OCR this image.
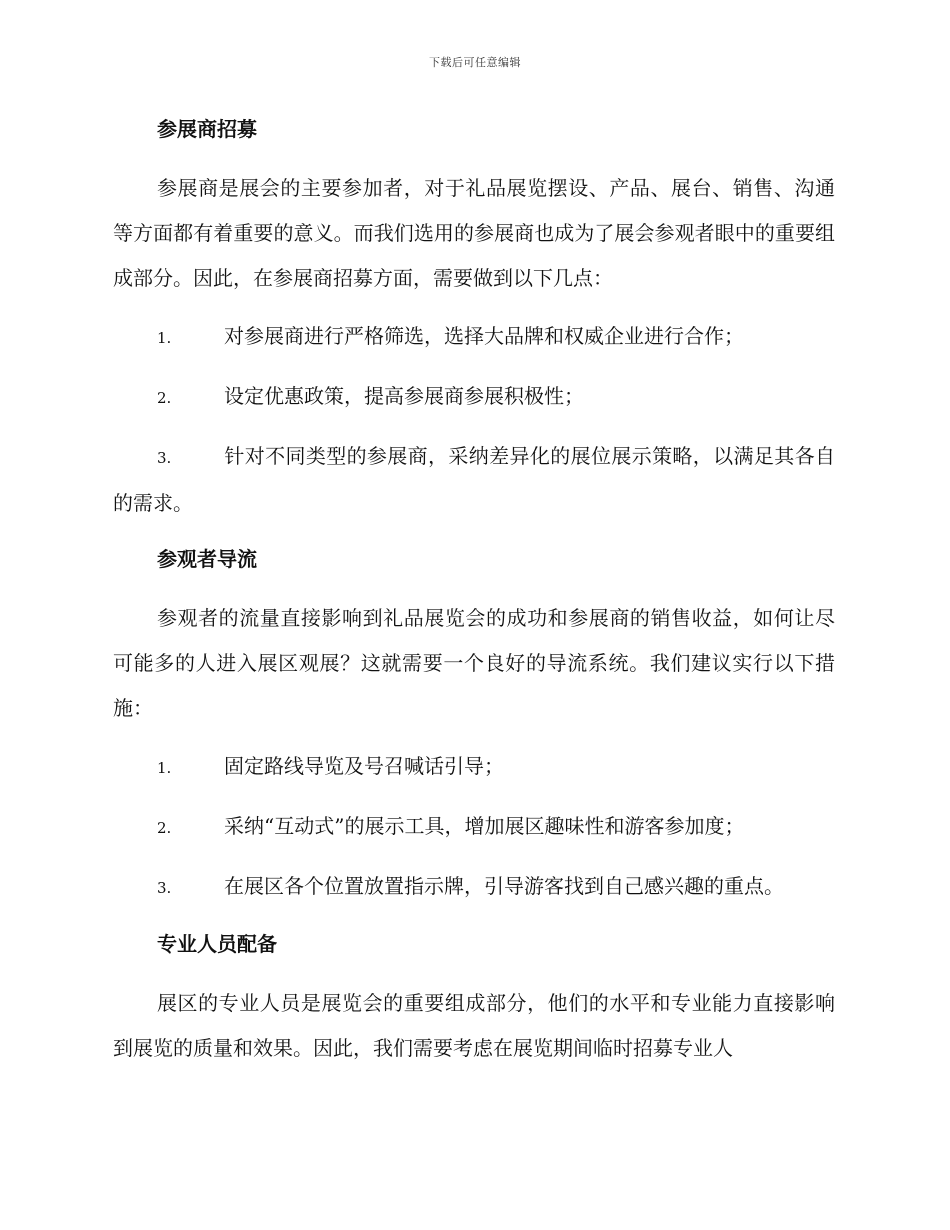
下载后可任意编辑
参展商招募

参展商是展会的主要参加者，对于礼品展览摆设、产品、展台、销售、沟通等方面都有着重要的意义。而我们选用的参展商也成为了展会参观者眼中的重要组成部分。因此，在参展商招募方面，需要做到以下几点：

1.	对参展商进行严格筛选，选择大品牌和权威企业进行合作；
2.	设定优惠政策，提高参展商参展积极性；
3.	针对不同类型的参展商，采纳差异化的展位展示策略，以满足其各自的需求。
参观者导流

参观者的流量直接影响到礼品展览会的成功和参展商的销售收益，如何让尽可能多的人进入展区观展？这就需要一个良好的导流系统。我们建议实行以下措施：

1.	固定路线导览及号召喊话引导；
2.	采纳“互动式”的展示工具，增加展区趣味性和游客参加度；
3.	在展区各个位置放置指示牌，引导游客找到自己感兴趣的重点。
专业人员配备

展区的专业人员是展览会的重要组成部分，他们的水平和专业能力直接影响到展览的质量和效果。因此，我们需要考虑在展览期间临时招募专业人
